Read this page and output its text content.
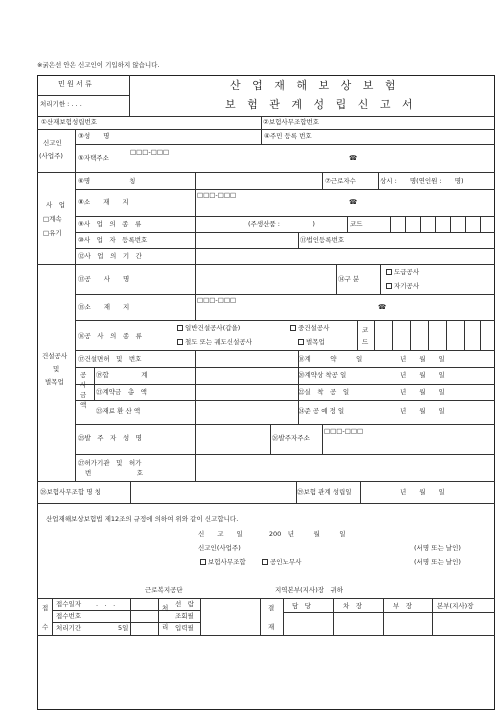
※굵은선 안은 신고인이 기입하지 않습니다.
민 원 서 류
처리기한 : . . .
산 업 재 해 보 상 보 험
보 험 관 계 성 립 신 고 서
①산재보험성립번호	②보험사무조합번호
신고인
(사업주)
③성　　명	④주민 등록 번호
⑤자택주소
□□□-□□□
☎
사　업
□계속
□유기
⑥명　　　　　　칭	⑦근로자수	상시 :　　명(연인원 :　　명)
⑧소　　재　　지
□□□-□□□
☎
⑨사　업　의　종　류	(주생산품 :　　　　　)	코드
⑩사　업　자　등록번호	⑪법인등록번호
⑫사　업　의　기　간
건설공사
및
벌목업
⑬공　　사　　명	⑭구 분
도급공사
자기공사
⑮소　　재　　지
□□□-□□□
☎
⑯공　사　의　종　류
일반건설공사(갑을)	중건설공사
철도 또는 궤도신설공사	벌목업
코
드
⑰건설면허　및　번호	⑱계　　　약　　　일	년　　월　　일
공
사
금
액
⑲합　　　　　계	⑳계약상 착공 일	년　　월　　일
㉑계약금　총　액	㉒실　착　공　일	년　　월　　일
㉓재료 환 산 액	㉔준 공 예 정 일	년　　월　　일
㉕발　주　자　성　명	㉖발주자주소
□□□-□□□
㉗허가기관　및　허가
번　　　　　　　호
㉘보험사무조합 명 칭	㉙보험 관계 성립일	년　　월　　일
산업재해보상보험법 제12조의 규정에 의하여 위와 같이 신고합니다.
신　　고　　일　　　　200　년　　　월　　　일
신고인(사업주)	(서명 또는 날인)
보험사무조합	공인노무사	(서명 또는 날인)
근로복지공단	지역본부(지사)장　귀하
접
수
접수일자 .　.　.
접수번호
처리기간	5일
처
리
선　람
조회필
입력필
결
재
담　당	차　장	부　장	본부(지사)장
